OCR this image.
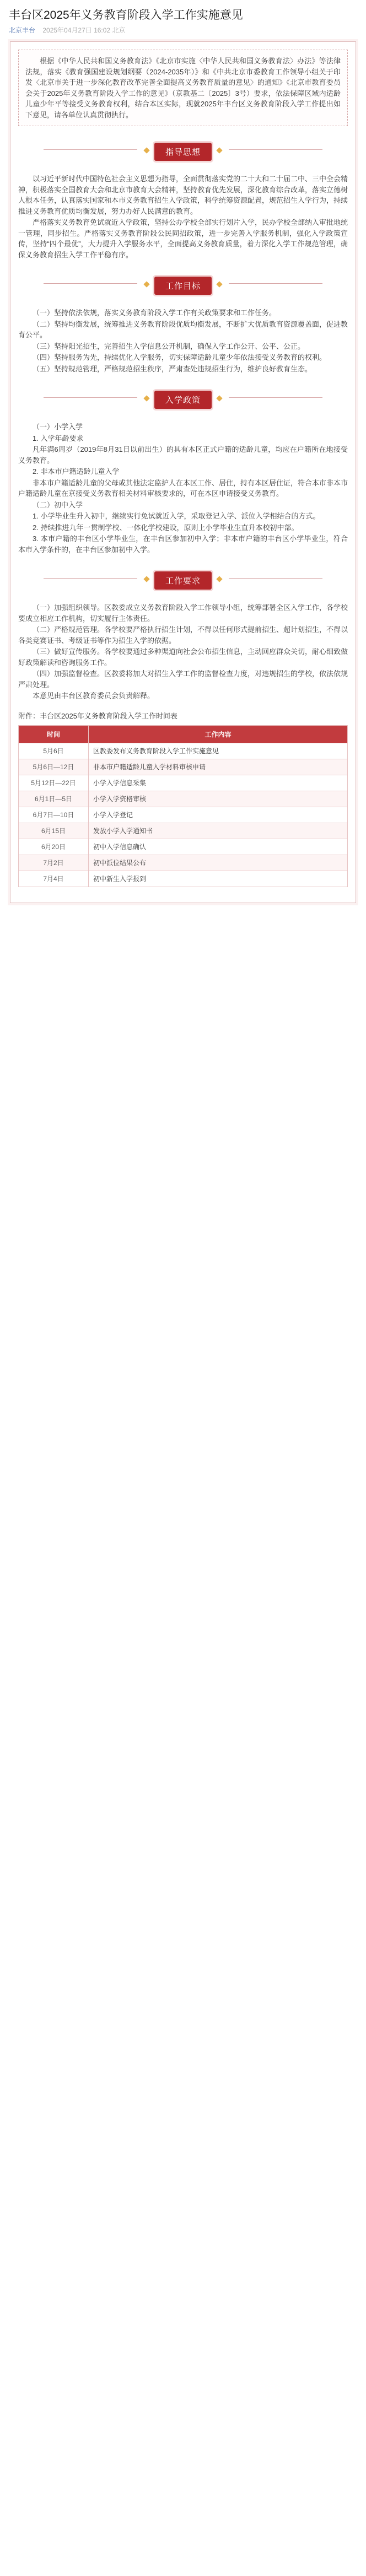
丰台区2025年义务教育阶段入学工作实施意见
北京丰台 2025年04月27日 16:02 北京

根据《中华人民共和国义务教育法》《北京市实施〈中华人民共和国义务教育法〉办法》等法律法规，落实《教育强国建设规划纲要（2024-2035年）》和《中共北京市委教育工作领导小组关于印发〈北京市关于进一步深化教育改革完善全面提高义务教育质量的意见〉的通知》《北京市教育委员会关于2025年义务教育阶段入学工作的意见》（京教基二〔2025〕3号）要求，依法保障区域内适龄儿童少年平等接受义务教育权利，结合本区实际，现就2025年丰台区义务教育阶段入学工作提出如下意见，请各单位认真贯彻执行。

指导思想

以习近平新时代中国特色社会主义思想为指导，全面贯彻落实党的二十大和二十届二中、三中全会精神，积极落实全国教育大会和北京市教育大会精神，坚持教育优先发展，深化教育综合改革，落实立德树人根本任务，认真落实国家和本市义务教育招生入学政策，科学统筹资源配置，规范招生入学行为，持续推进义务教育优质均衡发展，努力办好人民满意的教育。

严格落实义务教育免试就近入学政策，坚持公办学校全部实行划片入学，民办学校全部纳入审批地统一管理，同步招生。严格落实义务教育阶段公民同招政策，进一步完善入学服务机制，强化入学政策宣传，坚持“四个最优”，大力提升入学服务水平，全面提高义务教育质量，着力深化入学工作规范管理，确保义务教育招生入学工作平稳有序。

工作目标

（一）坚持依法依规，落实义务教育阶段入学工作有关政策要求和工作任务。

（二）坚持均衡发展，统筹推进义务教育阶段优质均衡发展，不断扩大优质教育资源覆盖面，促进教育公平。

（三）坚持阳光招生，完善招生入学信息公开机制，确保入学工作公开、公平、公正。

（四）坚持服务为先，持续优化入学服务，切实保障适龄儿童少年依法接受义务教育的权利。

（五）坚持规范管理，严格规范招生秩序，严肃查处违规招生行为，维护良好教育生态。

入学政策

（一）小学入学

1. 入学年龄要求

凡年满6周岁（2019年8月31日以前出生）的具有本区正式户籍的适龄儿童，均应在户籍所在地接受义务教育。

2. 非本市户籍适龄儿童入学

非本市户籍适龄儿童的父母或其他法定监护人在本区工作、居住，持有本区居住证，符合本市非本市户籍适龄儿童在京接受义务教育相关材料审核要求的，可在本区申请接受义务教育。

（二）初中入学

1. 小学毕业生升入初中，继续实行免试就近入学，采取登记入学、派位入学相结合的方式。

2. 持续推进九年一贯制学校、一体化学校建设，原则上小学毕业生直升本校初中部。

3. 本市户籍的丰台区小学毕业生，在丰台区参加初中入学；非本市户籍的丰台区小学毕业生，符合本市入学条件的，在丰台区参加初中入学。

工作要求

（一）加强组织领导。区教委成立义务教育阶段入学工作领导小组，统筹部署全区入学工作，各学校要成立相应工作机构，切实履行主体责任。

（二）严格规范管理。各学校要严格执行招生计划，不得以任何形式提前招生、超计划招生，不得以各类竞赛证书、考级证书等作为招生入学的依据。

（三）做好宣传服务。各学校要通过多种渠道向社会公布招生信息，主动回应群众关切，耐心细致做好政策解读和咨询服务工作。

（四）加强监督检查。区教委将加大对招生入学工作的监督检查力度，对违规招生的学校，依法依规严肃处理。

本意见由丰台区教育委员会负责解释。

附件：丰台区2025年义务教育阶段入学工作时间表
时间	工作内容
5月6日	区教委发布义务教育阶段入学工作实施意见
5月6日—12日	非本市户籍适龄儿童入学材料审核申请
5月12日—22日	小学入学信息采集
6月1日—5日	小学入学资格审核
6月7日—10日	小学入学登记
6月15日	发放小学入学通知书
6月20日	初中入学信息确认
7月2日	初中派位结果公布
7月4日	初中新生入学报到
